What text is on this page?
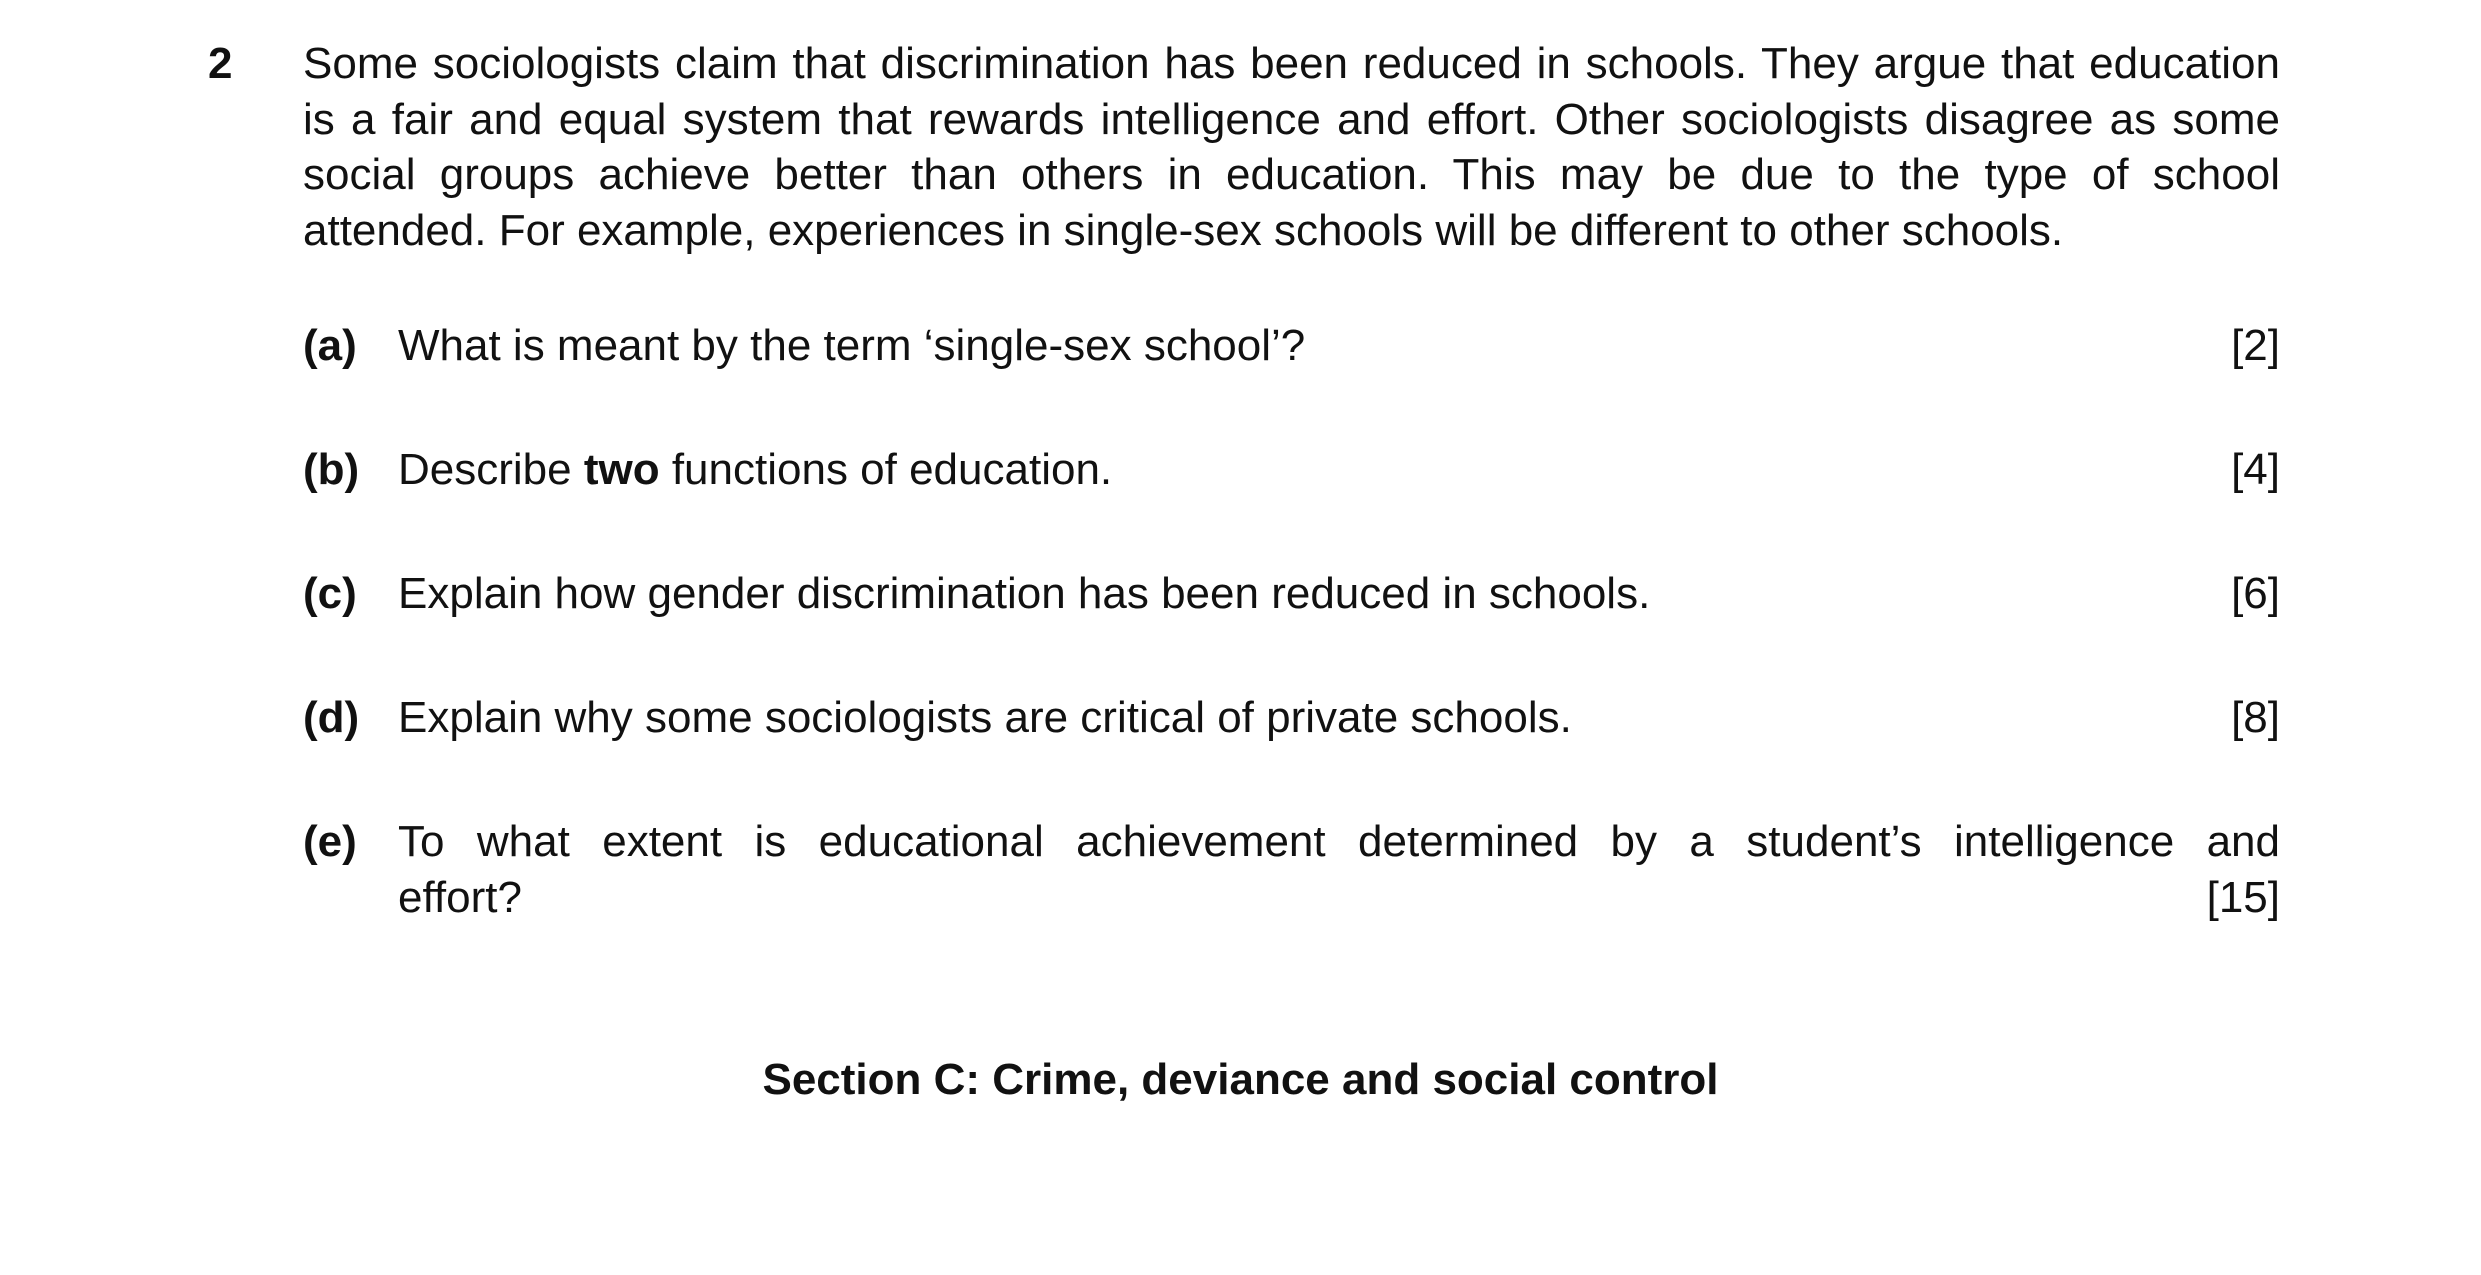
2 Some sociologists claim that discrimination has been reduced in schools. They argue that education is a fair and equal system that rewards intelligence and effort. Other sociologists disagree as some social groups achieve better than others in education. This may be due to the type of school attended. For example, experiences in single-sex schools will be different to other schools.
(a) What is meant by the term ‘single-sex school’?	[2]
(b) Describe two functions of education.	[4]
(c) Explain how gender discrimination has been reduced in schools.	[6]
(d) Explain why some sociologists are critical of private schools.	[8]
(e) To what extent is educational achievement determined by a student’s intelligence and
effort?	[15]
Section C: Crime, deviance and social control
